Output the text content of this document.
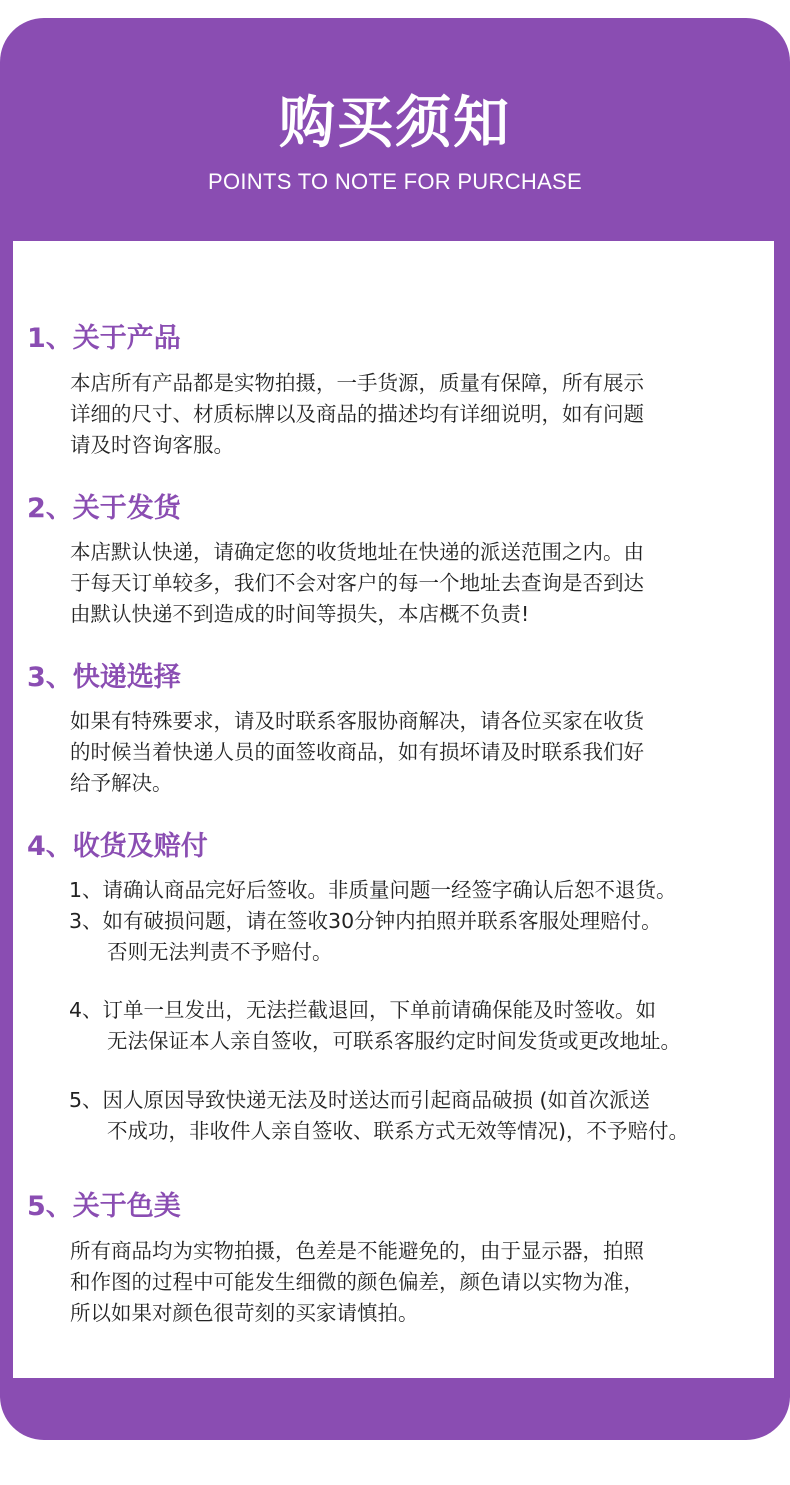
购买须知
POINTS TO NOTE FOR PURCHASE
1、关于产品
本店所有产品都是实物拍摄，一手货源，质量有保障，所有展示
详细的尺寸、材质标牌以及商品的描述均有详细说明，如有问题
请及时咨询客服。
2、关于发货
本店默认快递，请确定您的收货地址在快递的派送范围之内。由
于每天订单较多，我们不会对客户的每一个地址去查询是否到达
由默认快递不到造成的时间等损失，本店概不负责!
3、快递选择
如果有特殊要求，请及时联系客服协商解决，请各位买家在收货
的时候当着快递人员的面签收商品，如有损坏请及时联系我们好
给予解决。
4、收货及赔付
1、请确认商品完好后签收。非质量问题一经签字确认后恕不退货。
3、如有破损问题，请在签收30分钟内拍照并联系客服处理赔付。
否则无法判责不予赔付。
4、订单一旦发出，无法拦截退回，下单前请确保能及时签收。如
无法保证本人亲自签收，可联系客服约定时间发货或更改地址。
5、因人原因导致快递无法及时送达而引起商品破损 (如首次派送
不成功，非收件人亲自签收、联系方式无效等情况)，不予赔付。
5、关于色美
所有商品均为实物拍摄，色差是不能避免的，由于显示器，拍照
和作图的过程中可能发生细微的颜色偏差，颜色请以实物为准，
所以如果对颜色很苛刻的买家请慎拍。
